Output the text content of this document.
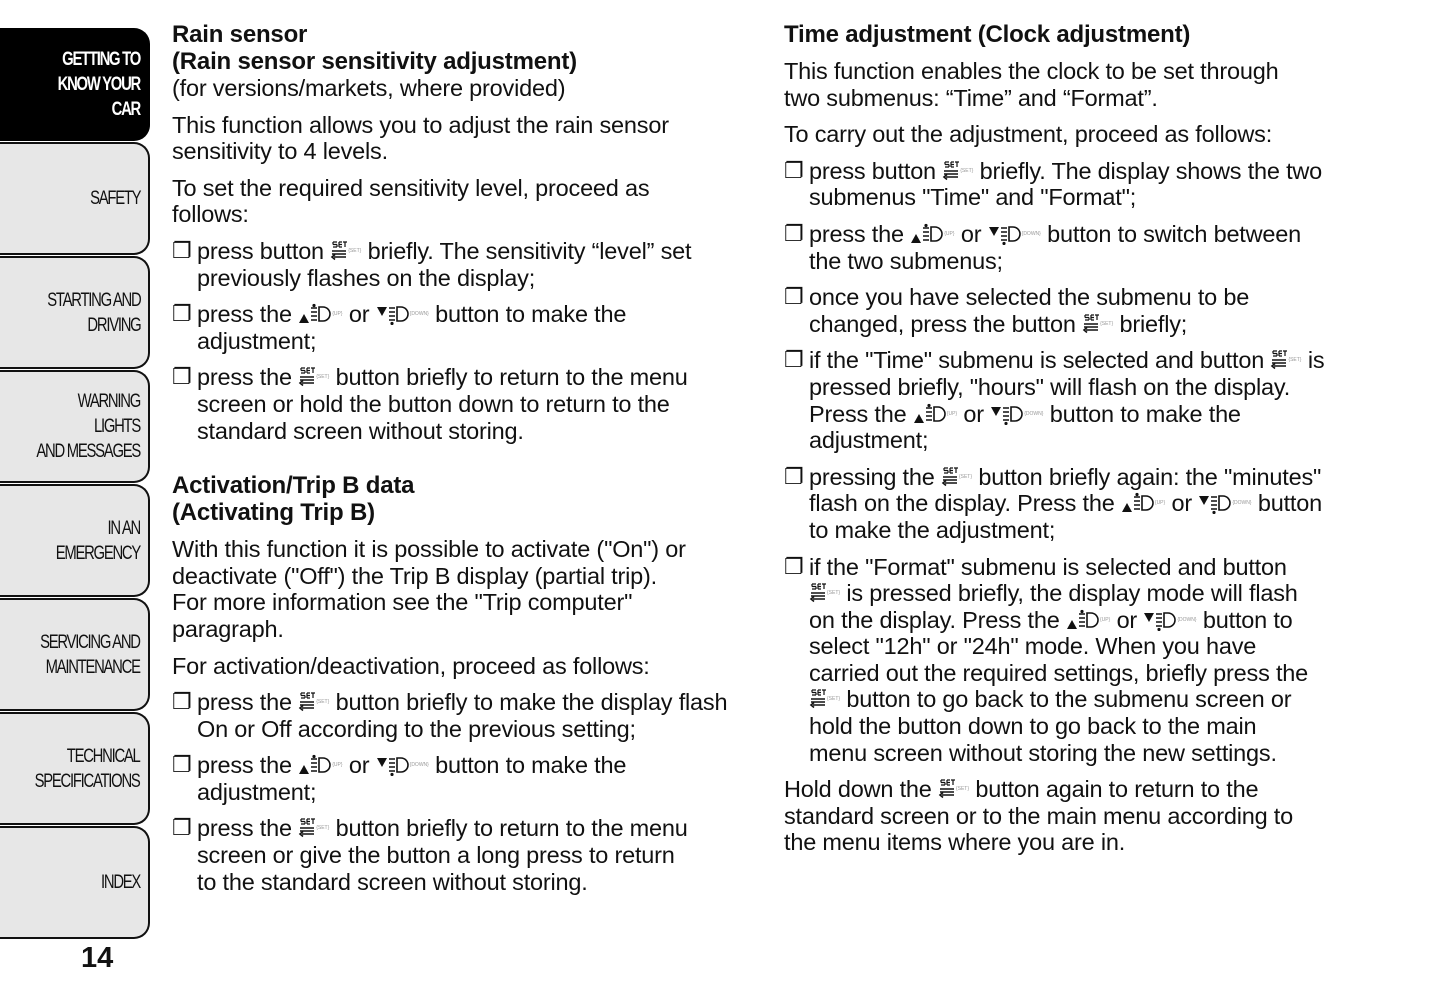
GETTING TO
KNOW YOUR CAR
SAFETY
STARTING AND
DRIVING
WARNING LIGHTS
AND MESSAGES
IN AN EMERGENCY
SERVICING AND
MAINTENANCE
TECHNICAL
SPECIFICATIONS
INDEX
14
Rain sensor
(Rain sensor sensitivity adjustment)

(for versions/markets, where provided)

This function allows you to adjust the rain sensor
sensitivity to 4 levels.

To set the required sensitivity level, proceed as
follows:

❐ press button	$^{\{SET\}}$ briefly. The sensitivity “level” set
previously flashes on the display;
❐ press the	$^{\{UP\}}$ or	$^{\{DOWN\}}$ button to make the
adjustment;
❐ press the	$^{\{SET\}}$ button briefly to return to the menu
screen or hold the button down to return to the
standard screen without storing.
Activation/Trip B data
(Activating Trip B)

With this function it is possible to activate ("On") or
deactivate ("Off") the Trip B display (partial trip).
For more information see the "Trip computer"
paragraph.

For activation/deactivation, proceed as follows:

❐ press the	$^{\{SET\}}$ button briefly to make the display flash
On or Off according to the previous setting;
❐ press the	$^{\{UP\}}$ or	$^{\{DOWN\}}$ button to make the
adjustment;
❐ press the	$^{\{SET\}}$ button briefly to return to the menu
screen or give the button a long press to return
to the standard screen without storing.
Time adjustment (Clock adjustment)

This function enables the clock to be set through
two submenus: “Time” and “Format”.

To carry out the adjustment, proceed as follows:

❐ press button	$^{\{SET\}}$ briefly. The display shows the two
submenus "Time" and "Format";
❐ press the	$^{\{UP\}}$ or	$^{\{DOWN\}}$ button to switch between
the two submenus;
❐ once you have selected the submenu to be
changed, press the button	$^{\{SET\}}$ briefly;
❐ if the "Time" submenu is selected and button	$^{\{SET\}}$ is
pressed briefly, "hours" will flash on the display.
Press the	$^{\{UP\}}$ or	$^{\{DOWN\}}$ button to make the
adjustment;
❐ pressing the	$^{\{SET\}}$ button briefly again: the "minutes"
flash on the display. Press the	$^{\{UP\}}$ or	$^{\{DOWN\}}$ button
to make the adjustment;
❐ if the "Format" submenu is selected and button
$^{\{SET\}}$ is pressed briefly, the display mode will flash
on the display. Press the	$^{\{UP\}}$ or	$^{\{DOWN\}}$ button to
select "12h" or "24h" mode. When you have
carried out the required settings, briefly press the
$^{\{SET\}}$ button to go back to the submenu screen or
hold the button down to go back to the main
menu screen without storing the new settings.

Hold down the	$^{\{SET\}}$ button again to return to the
standard screen or to the main menu according to
the menu items where you are in.
